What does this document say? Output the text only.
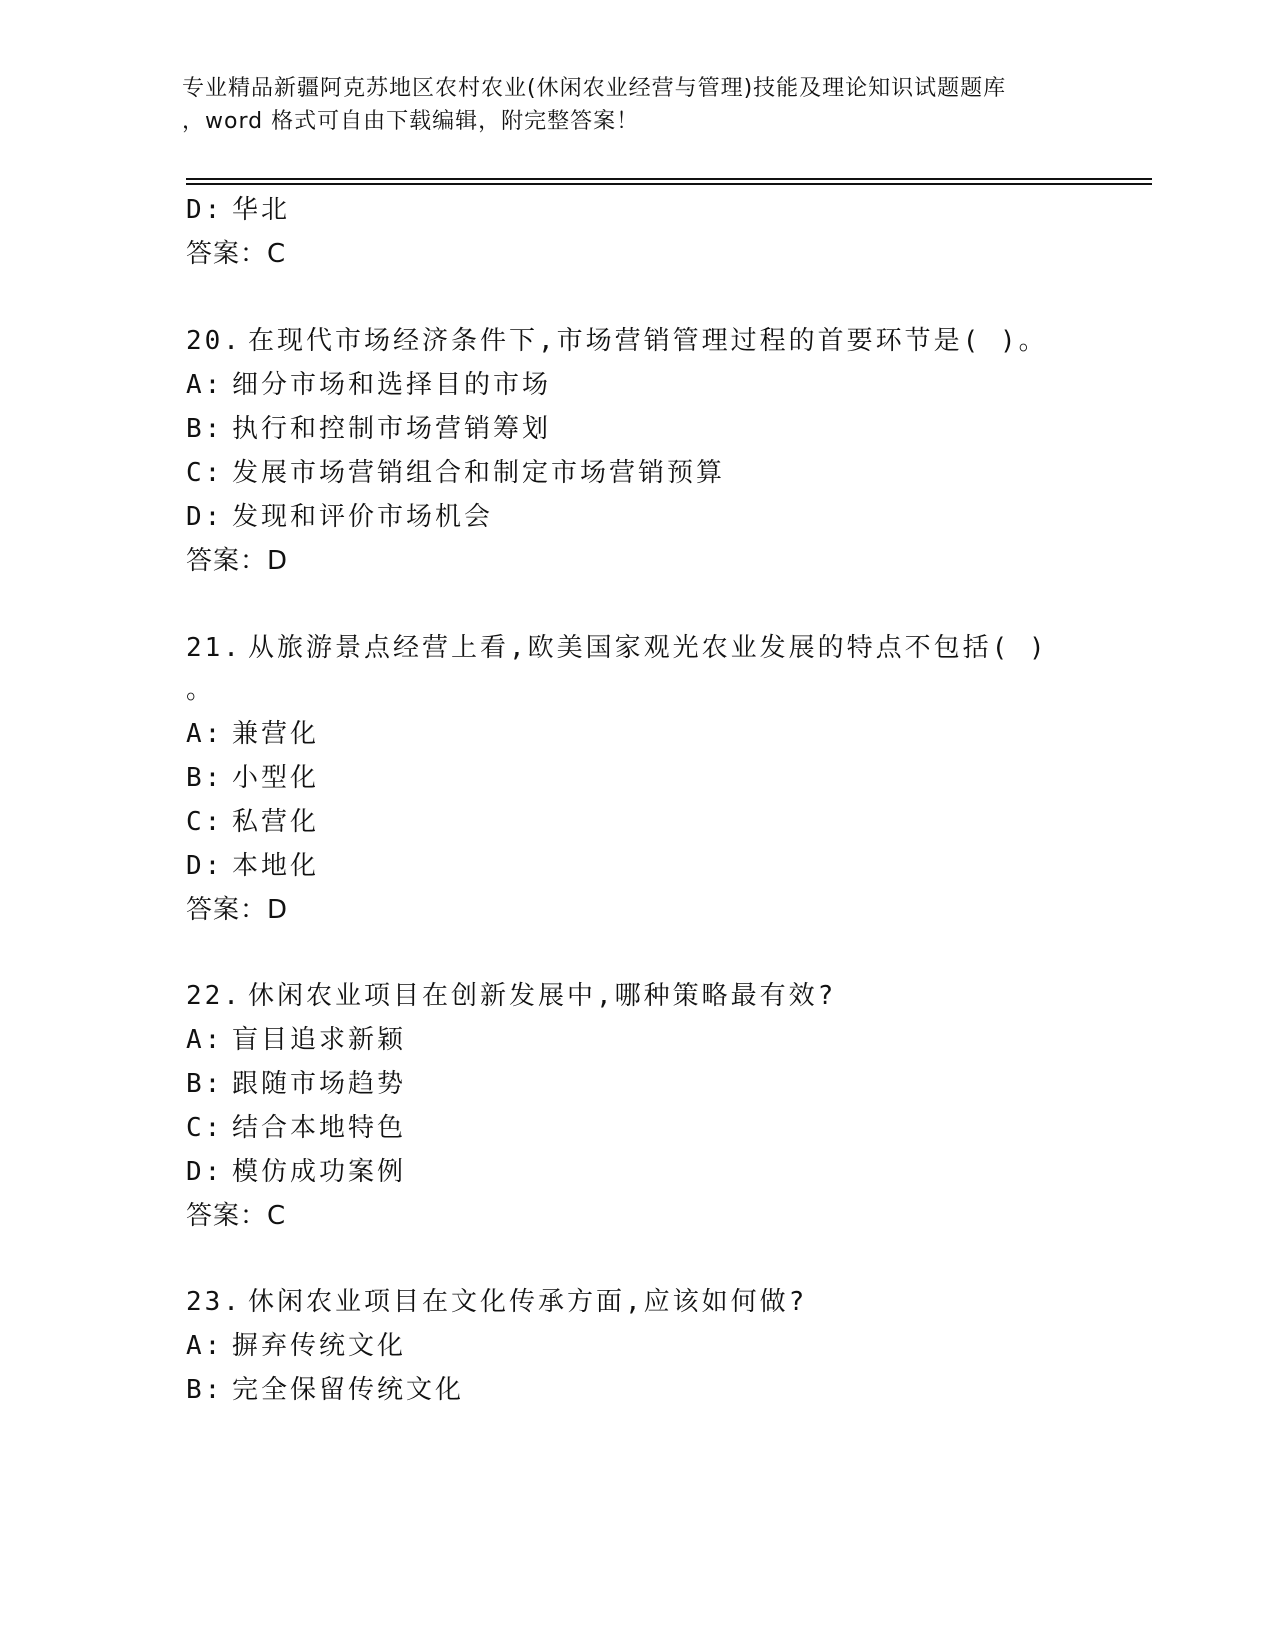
专业精品新疆阿克苏地区农村农业(休闲农业经营与管理)技能及理论知识试题题库
，word 格式可自由下载编辑，附完整答案！
D: 华北
答案：C
20. 在现代市场经济条件下,市场营销管理过程的首要环节是( )。
A: 细分市场和选择目的市场
B: 执行和控制市场营销筹划
C: 发展市场营销组合和制定市场营销预算
D: 发现和评价市场机会
答案：D
21. 从旅游景点经营上看,欧美国家观光农业发展的特点不包括( )
。
A: 兼营化
B: 小型化
C: 私营化
D: 本地化
答案：D
22. 休闲农业项目在创新发展中,哪种策略最有效?
A: 盲目追求新颖
B: 跟随市场趋势
C: 结合本地特色
D: 模仿成功案例
答案：C
23. 休闲农业项目在文化传承方面,应该如何做?
A: 摒弃传统文化
B: 完全保留传统文化
